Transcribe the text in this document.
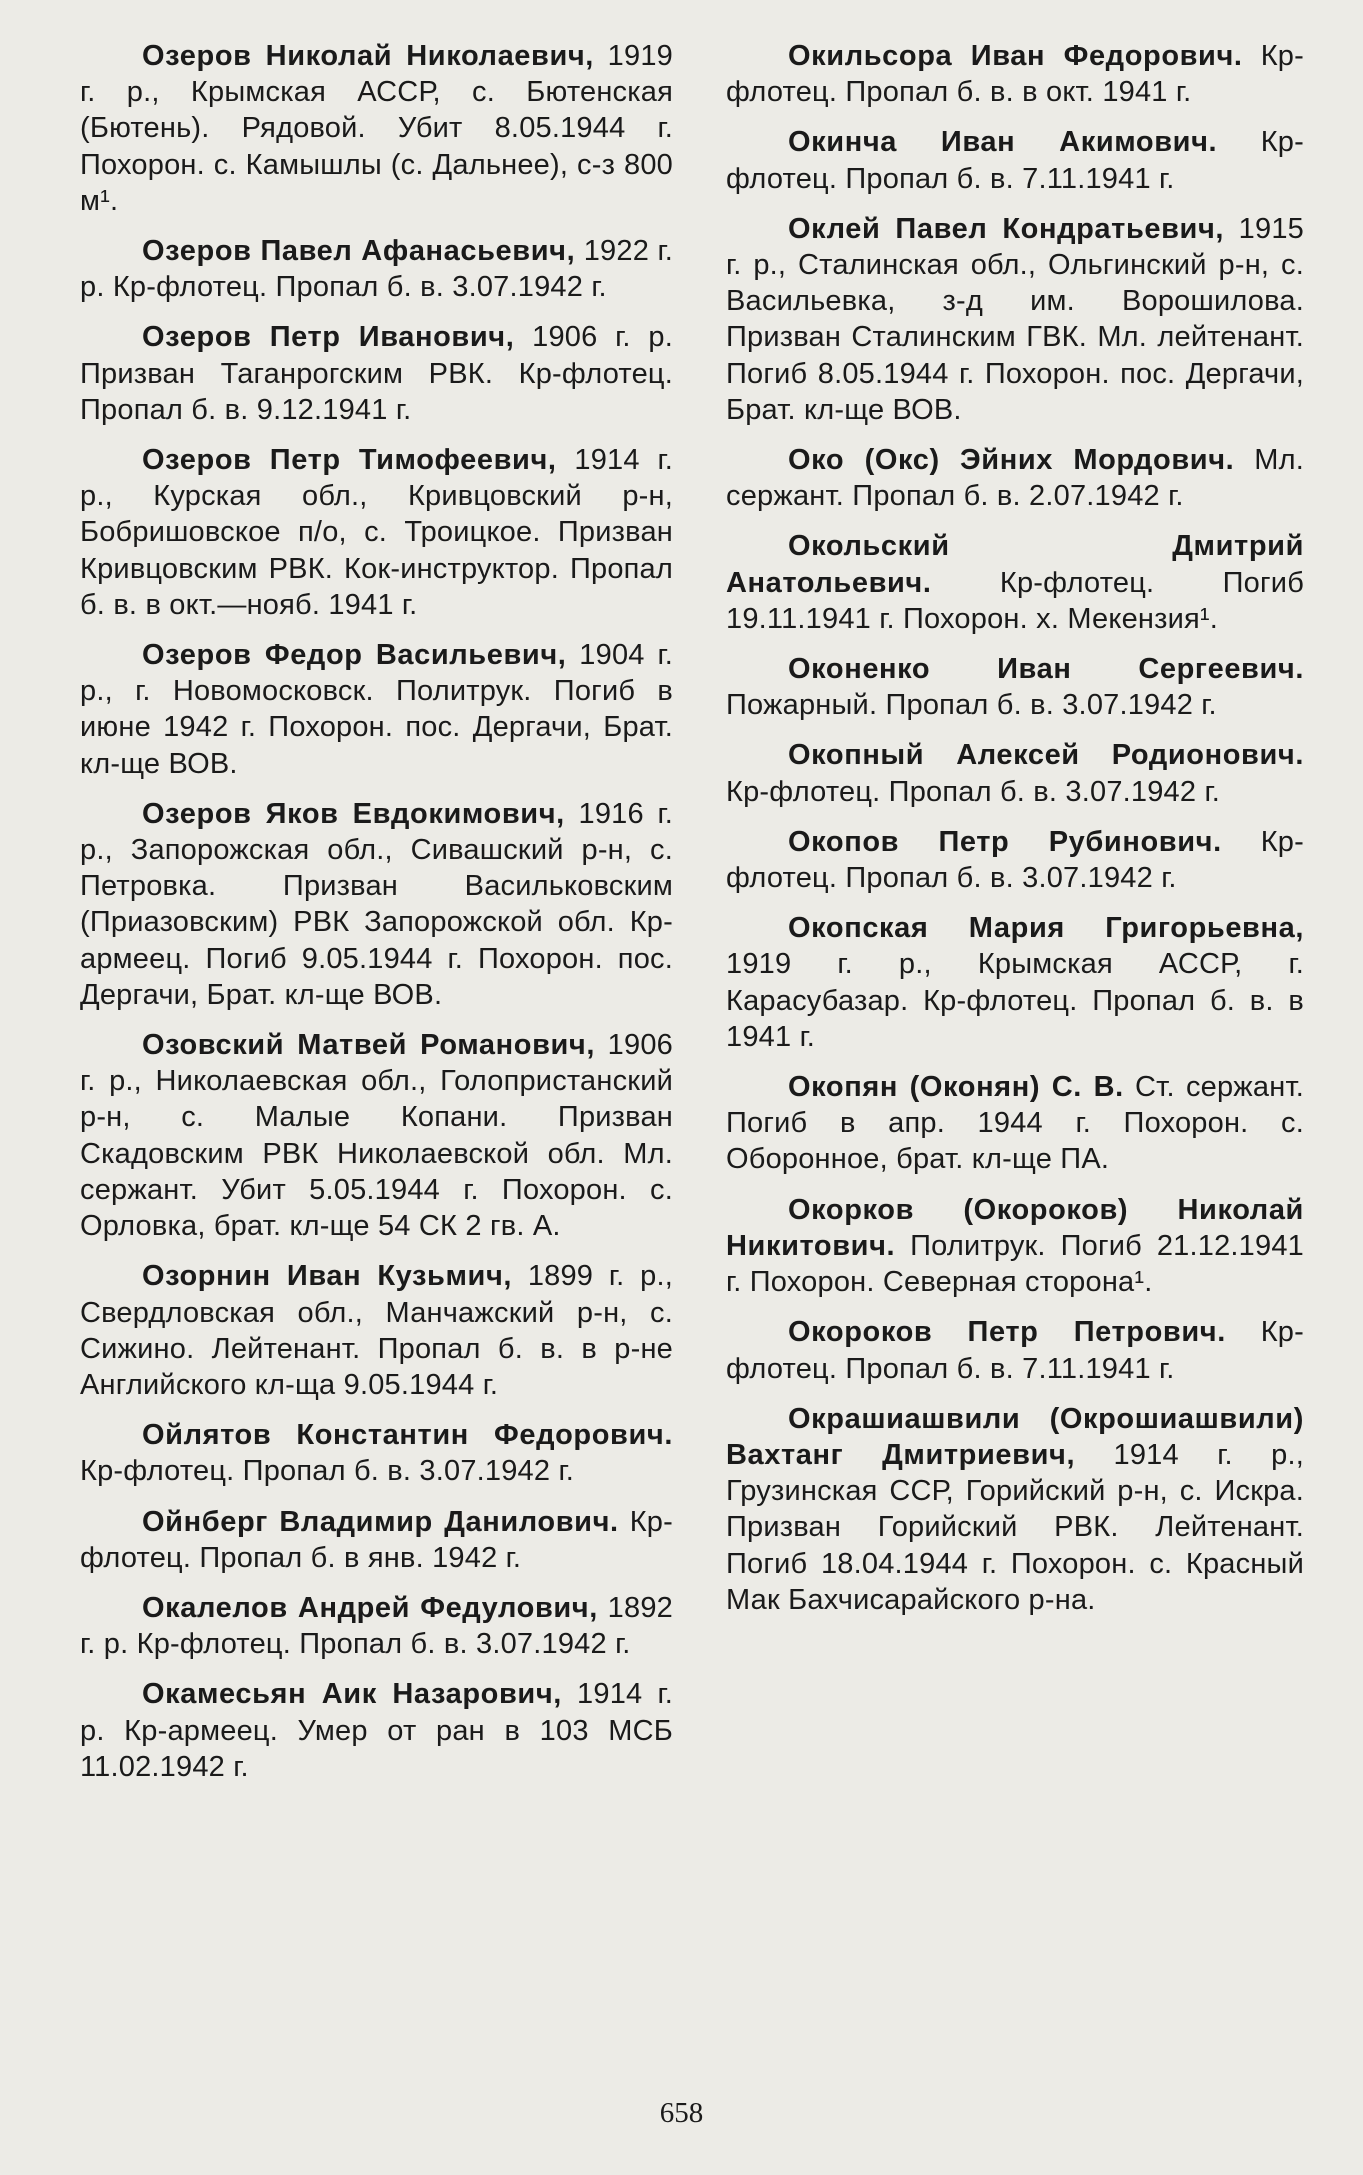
Озеров Николай Николаевич, 1919 г. р., Крымская АССР, с. Бютенская (Бютень). Рядовой. Убит 8.05.1944 г. Похорон. с. Камышлы (с. Дальнее), с-з 800 м¹.

Озеров Павел Афанасьевич, 1922 г. р. Кр-флотец. Пропал б. в. 3.07.1942 г.

Озеров Петр Иванович, 1906 г. р. Призван Таганрогским РВК. Кр-флотец. Пропал б. в. 9.12.1941 г.

Озеров Петр Тимофеевич, 1914 г. р., Курская обл., Кривцовский р-н, Бобришовское п/о, с. Троицкое. Призван Кривцовским РВК. Кок-инструктор. Пропал б. в. в окт.—нояб. 1941 г.

Озеров Федор Васильевич, 1904 г. р., г. Новомосковск. Политрук. Погиб в июне 1942 г. Похорон. пос. Дергачи, Брат. кл-ще ВОВ.

Озеров Яков Евдокимович, 1916 г. р., Запорожская обл., Сивашский р-н, с. Петровка. Призван Васильковским (Приазовским) РВК Запорожской обл. Кр-армеец. Погиб 9.05.1944 г. Похорон. пос. Дергачи, Брат. кл-ще ВОВ.

Озовский Матвей Романович, 1906 г. р., Николаевская обл., Голопристанский р-н, с. Малые Копани. Призван Скадовским РВК Николаевской обл. Мл. сержант. Убит 5.05.1944 г. Похорон. с. Орловка, брат. кл-ще 54 СК 2 гв. А.

Озорнин Иван Кузьмич, 1899 г. р., Свердловская обл., Манчажский р-н, с. Сижино. Лейтенант. Пропал б. в. в р-не Английского кл-ща 9.05.1944 г.

Ойлятов Константин Федорович. Кр-флотец. Пропал б. в. 3.07.1942 г.

Ойнберг Владимир Данилович. Кр-флотец. Пропал б. в янв. 1942 г.

Окалелов Андрей Федулович, 1892 г. р. Кр-флотец. Пропал б. в. 3.07.1942 г.

Окамесьян Аик Назарович, 1914 г. р. Кр-армеец. Умер от ран в 103 МСБ 11.02.1942 г.

Окильсора Иван Федорович. Кр-флотец. Пропал б. в. в окт. 1941 г.

Окинча Иван Акимович. Кр-флотец. Пропал б. в. 7.11.1941 г.

Оклей Павел Кондратьевич, 1915 г. р., Сталинская обл., Ольгинский р-н, с. Васильевка, з-д им. Ворошилова. Призван Сталинским ГВК. Мл. лейтенант. Погиб 8.05.1944 г. Похорон. пос. Дергачи, Брат. кл-ще ВОВ.

Око (Окс) Эйних Мордович. Мл. сержант. Пропал б. в. 2.07.1942 г.

Окольский Дмитрий Анатольевич. Кр-флотец. Погиб 19.11.1941 г. Похорон. х. Мекензия¹.

Оконенко Иван Сергеевич. Пожарный. Пропал б. в. 3.07.1942 г.

Окопный Алексей Родионович. Кр-флотец. Пропал б. в. 3.07.1942 г.

Окопов Петр Рубинович. Кр-флотец. Пропал б. в. 3.07.1942 г.

Окопская Мария Григорьевна, 1919 г. р., Крымская АССР, г. Карасубазар. Кр-флотец. Пропал б. в. в 1941 г.

Окопян (Оконян) С. В. Ст. сержант. Погиб в апр. 1944 г. Похорон. с. Оборонное, брат. кл-ще ПА.

Окорков (Окороков) Николай Никитович. Политрук. Погиб 21.12.1941 г. Похорон. Северная сторона¹.

Окороков Петр Петрович. Кр-флотец. Пропал б. в. 7.11.1941 г.

Окрашиашвили (Окрошиашвили) Вахтанг Дмитриевич, 1914 г. р., Грузинская ССР, Горийский р-н, с. Искра. Призван Горийский РВК. Лейтенант. Погиб 18.04.1944 г. Похорон. с. Красный Мак Бахчисарайского р-на.

658
